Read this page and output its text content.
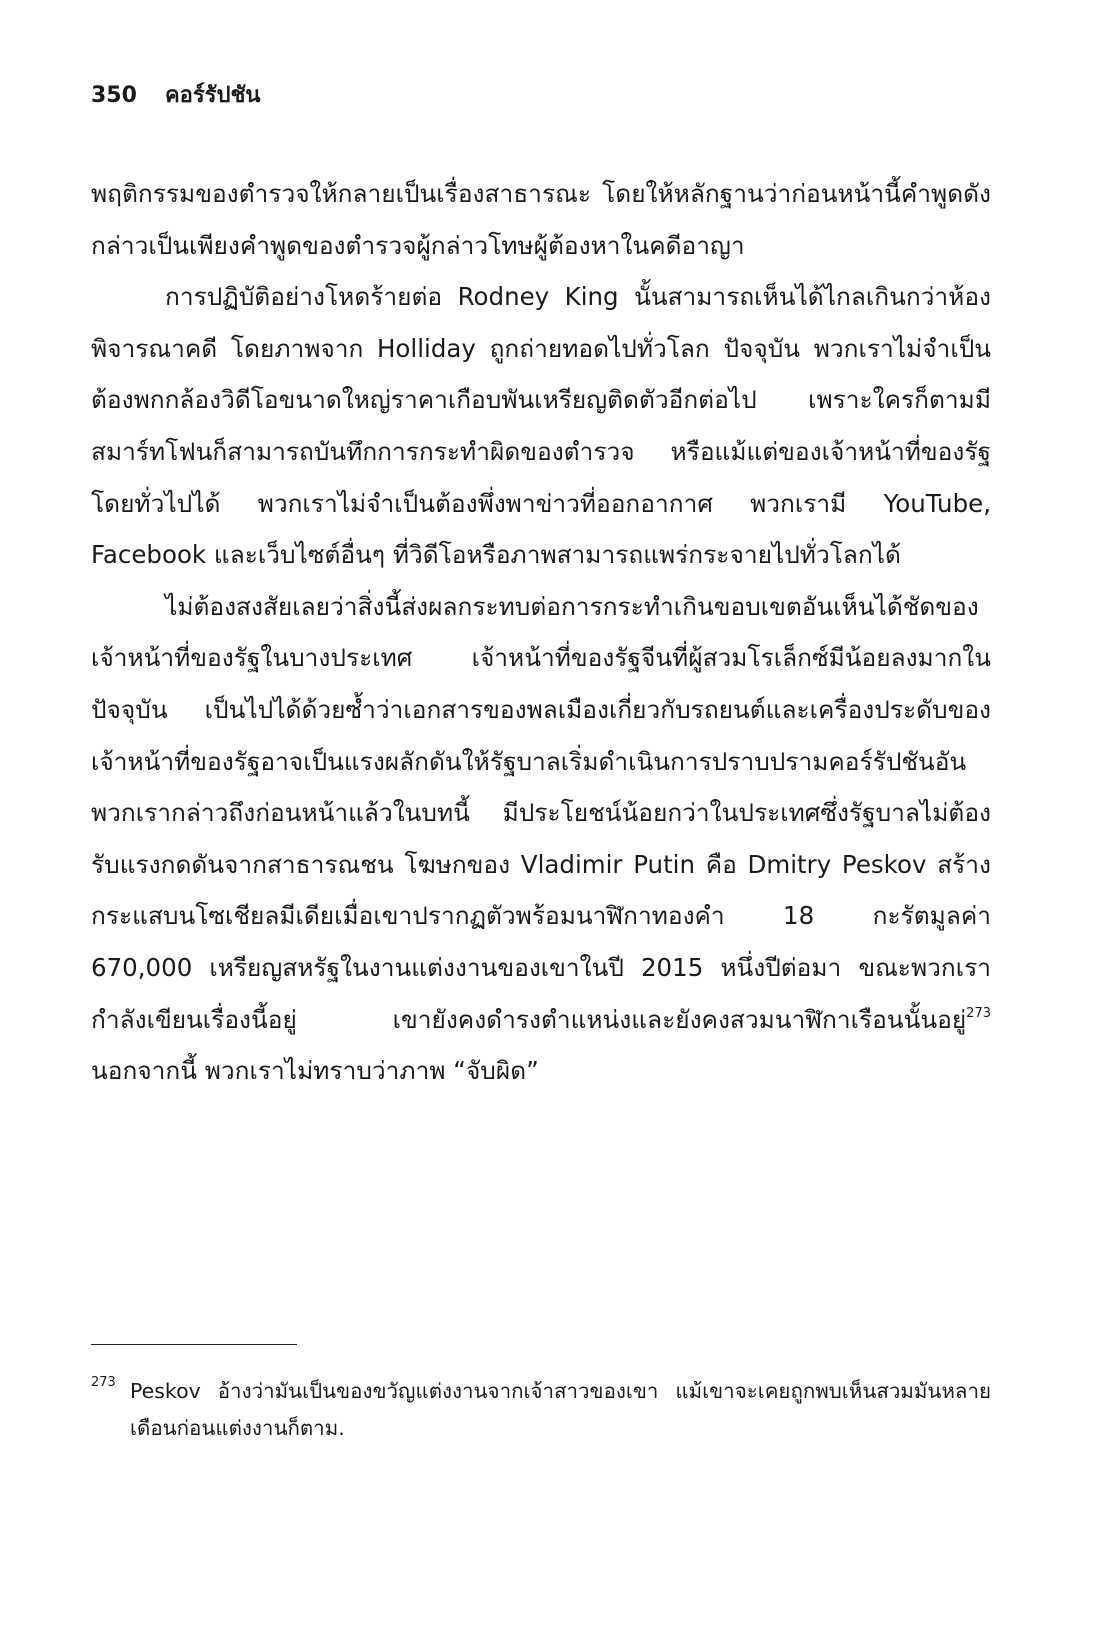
350 คอร์รัปชัน

พฤติกรรมของตำรวจให้กลายเป็นเรื่องสาธารณะ โดยให้หลักฐานว่าก่อนหน้านี้คำพูดดังกล่าวเป็นเพียงคำพูดของตำรวจผู้กล่าวโทษผู้ต้องหาในคดีอาญา

การปฏิบัติอย่างโหดร้ายต่อ Rodney King นั้นสามารถเห็นได้ไกลเกินกว่าห้องพิจารณาคดี โดยภาพจาก Holliday ถูกถ่ายทอดไปทั่วโลก ปัจจุบัน พวกเราไม่จำเป็นต้องพกกล้องวิดีโอขนาดใหญ่ราคาเกือบพันเหรียญติดตัวอีกต่อไป เพราะใครก็ตามมีสมาร์ทโฟนก็สามารถบันทึกการกระทำผิดของตำรวจ หรือแม้แต่ของเจ้าหน้าที่ของรัฐโดยทั่วไปได้ พวกเราไม่จำเป็นต้องพึ่งพาข่าวที่ออกอากาศ พวกเรามี YouTube, Facebook และเว็บไซต์อื่นๆ ที่วิดีโอหรือภาพสามารถแพร่กระจายไปทั่วโลกได้

ไม่ต้องสงสัยเลยว่าสิ่งนี้ส่งผลกระทบต่อการกระทำเกินขอบเขตอันเห็นได้ชัดของเจ้าหน้าที่ของรัฐในบางประเทศ เจ้าหน้าที่ของรัฐจีนที่ผู้สวมโรเล็กซ์มีน้อยลงมากในปัจจุบัน เป็นไปได้ด้วยซ้ำว่าเอกสารของพลเมืองเกี่ยวกับรถยนต์และเครื่องประดับของเจ้าหน้าที่ของรัฐอาจเป็นแรงผลักดันให้รัฐบาลเริ่มดำเนินการปราบปรามคอร์รัปชันอันพวกเรากล่าวถึงก่อนหน้าแล้วในบทนี้ มีประโยชน์น้อยกว่าในประเทศซึ่งรัฐบาลไม่ต้องรับแรงกดดันจากสาธารณชน โฆษกของ Vladimir Putin คือ Dmitry Peskov สร้างกระแสบนโซเชียลมีเดียเมื่อเขาปรากฏตัวพร้อมนาฬิกาทองคำ 18 กะรัตมูลค่า 670,000 เหรียญสหรัฐในงานแต่งงานของเขาในปี 2015 หนึ่งปีต่อมา ขณะพวกเรากำลังเขียนเรื่องนี้อยู่ เขายังคงดำรงตำแหน่งและยังคงสวมนาฬิกาเรือนนั้นอยู่$^{273}$ นอกจากนี้ พวกเราไม่ทราบว่าภาพ “จับผิด”

273 Peskov อ้างว่ามันเป็นของขวัญแต่งงานจากเจ้าสาวของเขา แม้เขาจะเคยถูกพบเห็นสวมมันหลายเดือนก่อนแต่งงานก็ตาม.
